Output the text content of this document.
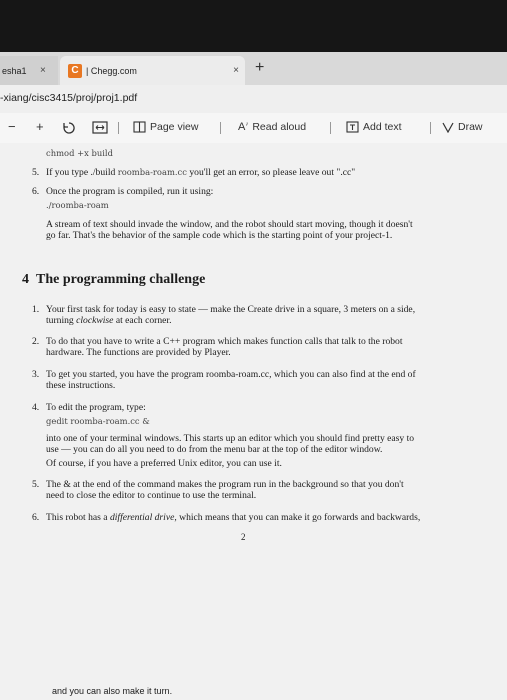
esha1 ×	C | Chegg.com	× +
-xiang/cisc3415/proj/proj1.pdf
− +	Page view	A♪ Read aloud	Add text	Draw
chmod +x build
5. If you type ./build roomba-roam.cc you'll get an error, so please leave out ".cc"
6. Once the program is compiled, run it using:
./roomba-roam
A stream of text should invade the window, and the robot should start moving, though it doesn't
go far. That's the behavior of the sample code which is the starting point of your project-1.
4 The programming challenge
1. Your first task for today is easy to state — make the Create drive in a square, 3 meters on a side,
turning clockwise at each corner.
2. To do that you have to write a C++ program which makes function calls that talk to the robot
hardware. The functions are provided by Player.
3. To get you started, you have the program roomba-roam.cc, which you can also find at the end of
these instructions.
4. To edit the program, type:
gedit roomba-roam.cc &
into one of your terminal windows. This starts up an editor which you should find pretty easy to
use — you can do all you need to do from the menu bar at the top of the editor window.
Of course, if you have a preferred Unix editor, you can use it.
5. The & at the end of the command makes the program run in the background so that you don't
need to close the editor to continue to use the terminal.
6. This robot has a differential drive, which means that you can make it go forwards and backwards,
2
and you can also make it turn.
